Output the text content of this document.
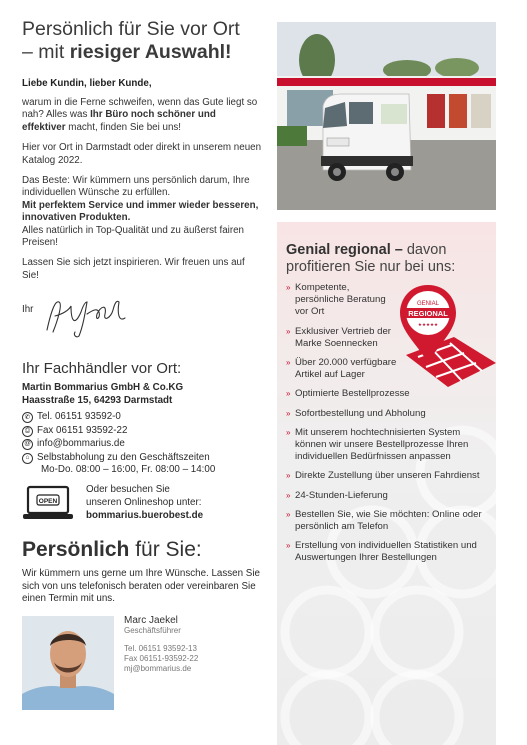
Persönlich für Sie vor Ort
– mit riesiger Auswahl!
Liebe Kundin, lieber Kunde,

warum in die Ferne schweifen, wenn das Gute liegt so nah? Alles was Ihr Büro noch schöner und effektiver macht, finden Sie bei uns!

Hier vor Ort in Darmstadt oder direkt in unserem neuen Katalog 2022.

Das Beste: Wir kümmern uns persönlich darum, Ihre individuellen Wünsche zu erfüllen.
Mit perfektem Service und immer wieder besseren, innovativen Produkten.
Alles natürlich in Top-Qualität und zu äußerst fairen Preisen!

Lassen Sie sich jetzt inspirieren. Wir freuen uns auf Sie!

Ihr
Ihr Fachhändler vor Ort:
Martin Bommarius GmbH & Co.KG
Haasstraße 15, 64293 Darmstadt
✆ Tel. 06151 93592-0
⎙ Fax 06151 93592-22
@ info@bommarius.de
⌂ Selbstabholung zu den Geschäftszeiten
Mo-Do. 08:00 – 16:00, Fr. 08:00 – 14:00
OPEN
Oder besuchen Sie
unseren Onlineshop unter:
bommarius.buerobest.de
Persönlich für Sie:

Wir kümmern uns gerne um Ihre Wünsche. Lassen Sie sich von uns telefonisch beraten oder vereinbaren Sie einen Termin mit uns.

Marc Jaekel
Geschäftsführer
Tel. 06151 93592-13
Fax 06151-93592-22
mj@bommarius.de
Genial regional – davon profitieren Sie nur bei uns:
» Kompetente, persönliche Beratung vor Ort
» Exklusiver Vertrieb der Marke Soennecken
» Über 20.000 verfügbare Artikel auf Lager
» Optimierte Bestellprozesse
» Sofortbestellung und Abholung
» Mit unserem hochtechnisierten System können wir unsere Bestellprozesse Ihren individuellen Bedürfnissen anpassen
» Direkte Zustellung über unseren Fahrdienst
» 24-Stunden-Lieferung
» Bestellen Sie, wie Sie möchten: Online oder persönlich am Telefon
» Erstellung von individuellen Statistiken und Auswertungen Ihrer Bestellungen
GENIAL
REGIONAL
★★★★★
